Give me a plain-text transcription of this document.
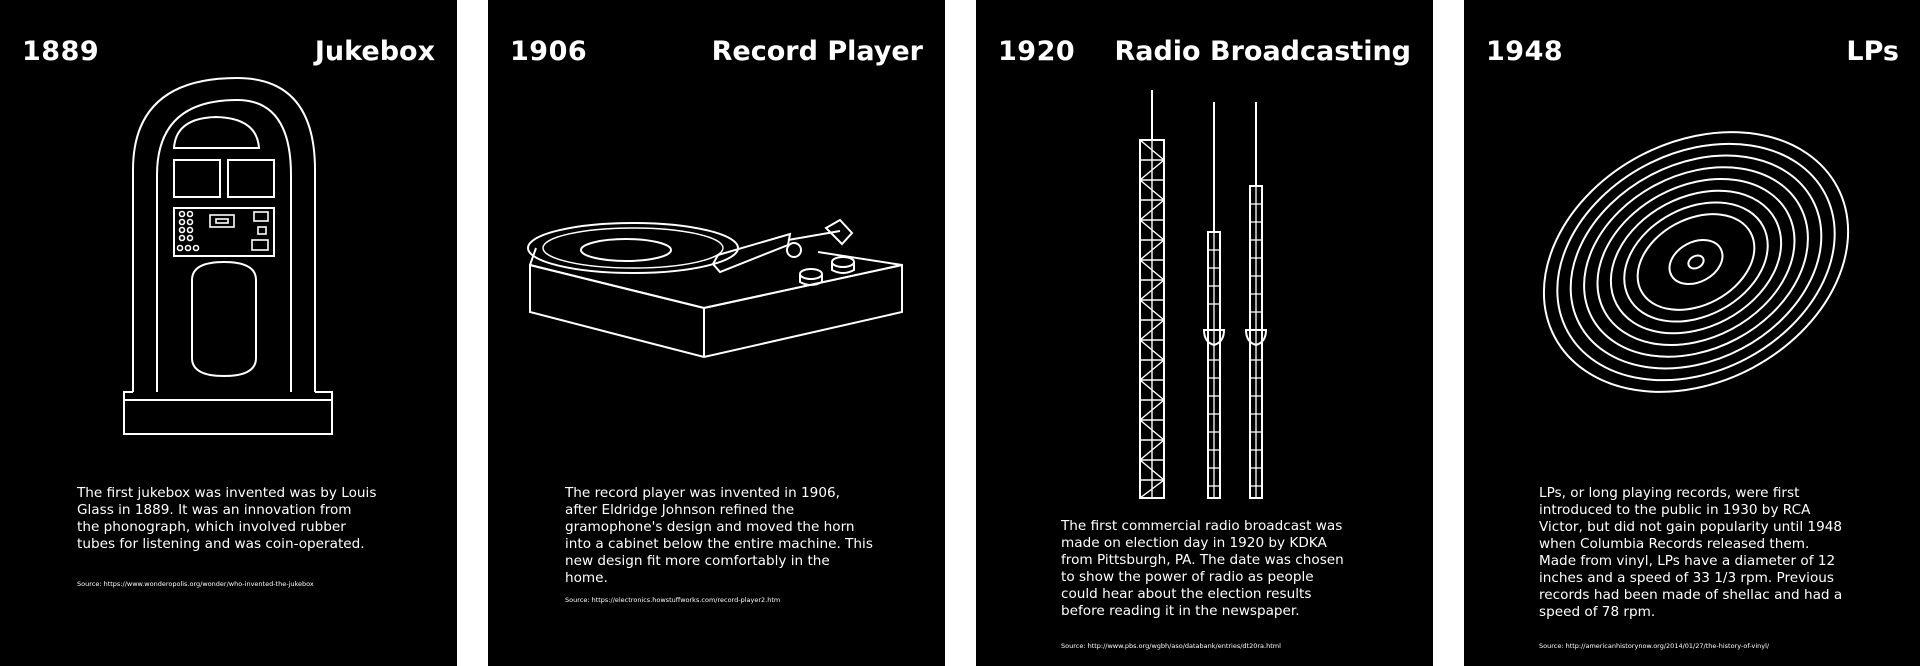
1889	Jukebox
The first jukebox was invented was by Louis Glass in 1889. It was an innovation from the phonograph, which involved rubber tubes for listening and was coin-operated.
Source: https://www.wonderopolis.org/wonder/who-invented-the-jukebox
1906	Record Player
The record player was invented in 1906, after Eldridge Johnson refined the gramophone's design and moved the horn into a cabinet below the entire machine. This new design fit more comfortably in the home.
Source: https://electronics.howstuffworks.com/record-player2.htm
1920 Radio Broadcasting
The first commercial radio broadcast was made on election day in 1920 by KDKA from Pittsburgh, PA. The date was chosen to show the power of radio as people could hear about the election results before reading it in the newspaper.
Source: http://www.pbs.org/wgbh/aso/databank/entries/dt20ra.html
1948	LPs
LPs, or long playing records, were first introduced to the public in 1930 by RCA Victor, but did not gain popularity until 1948 when Columbia Records released them. Made from vinyl, LPs have a diameter of 12 inches and a speed of 33 1/3 rpm. Previous records had been made of shellac and had a speed of 78 rpm.
Source: http://americanhistorynow.org/2014/01/27/the-history-of-vinyl/
